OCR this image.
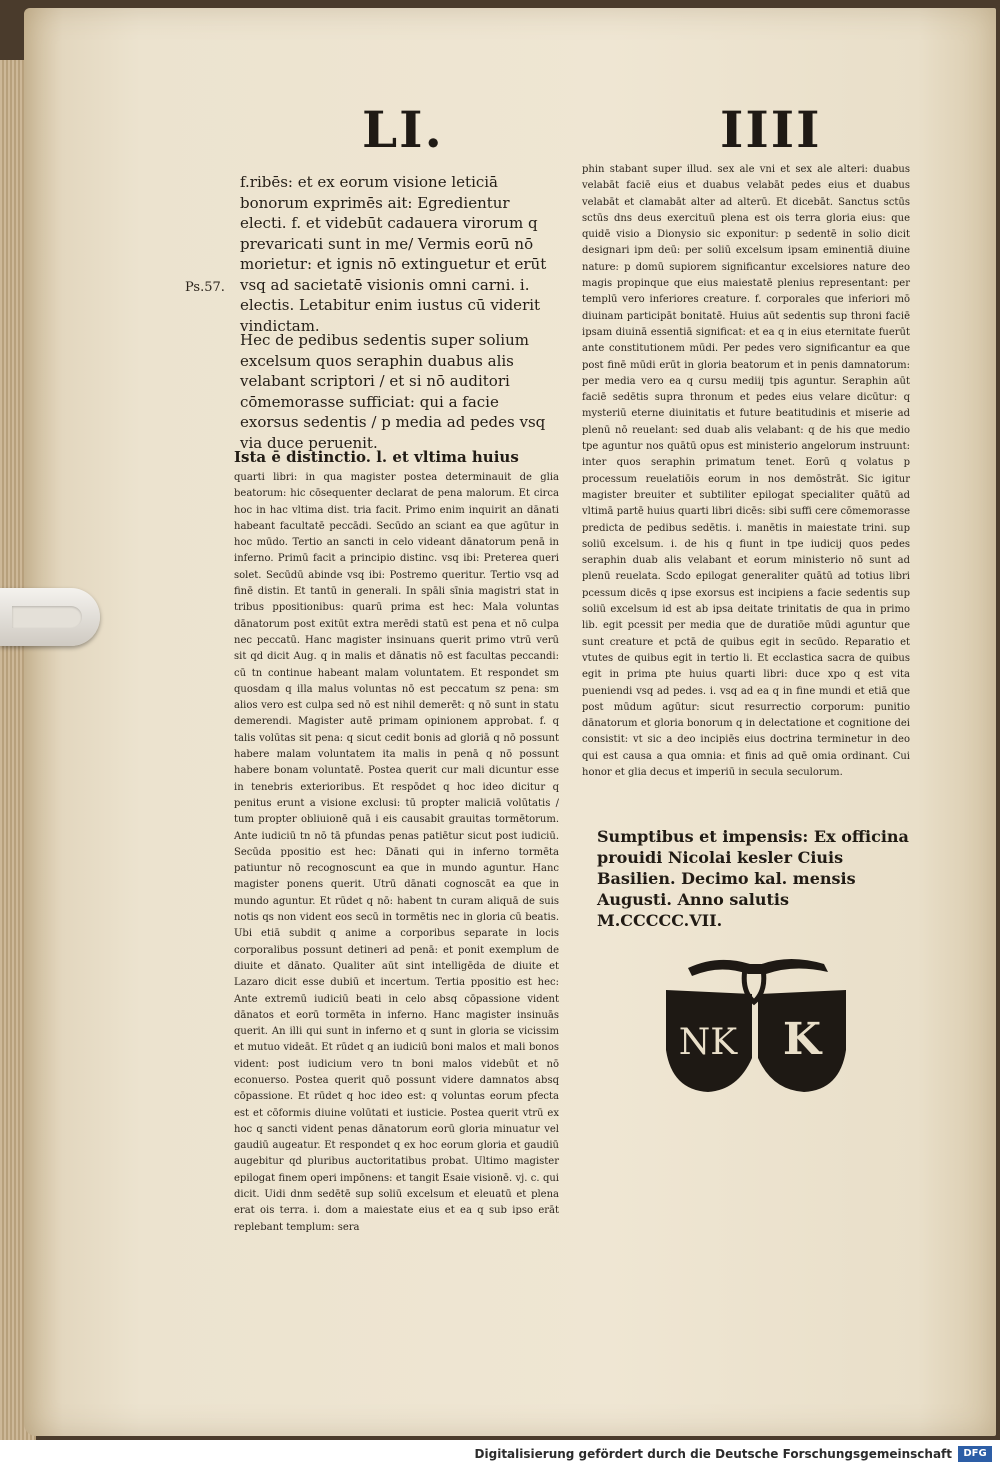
LI.	IIII
Ps.57.
f.ribēs: et ex eorum visione leticiā bonorum exprimēs ait: Egredientur electi. f. et videbūt cadauera virorum q prevaricati sunt in me/ Vermis eorū nō morietur: et ignis nō extinguetur et erūt vsq ad sacietatē visionis omni carni. i. electis. Letabitur enim iustus cū viderit vindictam.
Hec de pedibus sedentis super solium excelsum quos seraphin duabus alis velabant scriptori / et si nō auditori cōmemorasse sufficiat: qui a facie exorsus sedentis / p media ad pedes vsq via duce peruenit.
Ista ē distinctio. l. et vltima huius
quarti libri: in qua magister postea determinauit de glia beatorum: hic cōsequenter declarat de pena malorum. Et circa hoc in hac vltima dist. tria facit. Primo enim inquirit an dānati habeant facultatē peccādi. Secūdo an sciant ea que agūtur in hoc mūdo. Tertio an sancti in celo videant dānatorum penā in inferno. Primū facit a principio distinc. vsq ibi: Preterea queri solet. Secūdū abinde vsq ibi: Postremo queritur. Tertio vsq ad finē distin. Et tantū in generali. In spāli sīnia magistri stat in tribus ppositionibus: quarū prima est hec: Mala voluntas dānatorum post exitūt extra merēdi statū est pena et nō culpa nec peccatū. Hanc magister insinuans querit primo vtrū verū sit qd dicit Aug. q in malis et dānatis nō est facultas peccandi: cū tn continue habeant malam voluntatem. Et respondet sm quosdam q illa malus voluntas nō est peccatum sz pena: sm alios vero est culpa sed nō est nihil demerēt: q nō sunt in statu demerendi. Magister autē primam opinionem approbat. f. q talis volūtas sit pena: q sicut cedit bonis ad gloriā q nō possunt habere malam voluntatem ita malis in penā q nō possunt habere bonam voluntatē. Postea querit cur mali dicuntur esse in tenebris exterioribus. Et respōdet q hoc ideo dicitur q penitus erunt a visione exclusi: tū propter maliciā volūtatis / tum propter obliuionē quā i eis causabit grauitas tormētorum. Ante iudiciū tn nō tā pfundas penas patiētur sicut post iudiciū. Secūda ppositio est hec: Dānati qui in inferno tormēta patiuntur nō recognoscunt ea que in mundo aguntur. Hanc magister ponens querit. Utrū dānati cognoscāt ea que in mundo aguntur. Et rūdet q nō: habent tn curam aliquā de suis notis qs non vident eos secū in tormētis nec in gloria cū beatis. Ubi etiā subdit q anime a corporibus separate in locis corporalibus possunt detineri ad penā: et ponit exemplum de diuite et dānato. Qualiter aūt sint intelligēda de diuite et Lazaro dicit esse dubiū et incertum. Tertia ppositio est hec: Ante extremū iudiciū beati in celo absq cōpassione vident dānatos et eorū tormēta in inferno. Hanc magister insinuās querit. An illi qui sunt in inferno et q sunt in gloria se vicissim et mutuo videāt. Et rūdet q an iudiciū boni malos et mali bonos vident: post iudicium vero tn boni malos videbūt et nō econuerso. Postea querit quō possunt videre damnatos absq cōpassione. Et rūdet q hoc ideo est: q voluntas eorum pfecta est et cōformis diuine volūtati et iusticie. Postea querit vtrū ex hoc q sancti vident penas dānatorum eorū gloria minuatur vel gaudiū augeatur. Et respondet q ex hoc eorum gloria et gaudiū augebitur qd pluribus auctoritatibus probat. Ultimo magister epilogat finem operi impōnens: et tangit Esaie visionē. vj. c. qui dicit. Uidi dnm sedētē sup soliū excelsum et eleuatū et plena erat ois terra. i. dom a maiestate eius et ea q sub ipso erāt replebant templum: sera
phin stabant super illud. sex ale vni et sex ale alteri: duabus velabāt faciē eius et duabus velabāt pedes eius et duabus velabāt et clamabāt alter ad alterū. Et dicebāt. Sanctus sctūs sctūs dns deus exercituū plena est ois terra gloria eius: que quidē visio a Dionysio sic exponitur: p sedentē in solio dicit designari ipm deū: per soliū excelsum ipsam eminentiā diuine nature: p domū supiorem significantur excelsiores nature deo magis propinque que eius maiestatē plenius representant: per templū vero inferiores creature. f. corporales que inferiori mō diuinam participāt bonitatē. Huius aūt sedentis sup throni faciē ipsam diuinā essentiā significat: et ea q in eius eternitate fuerūt ante constitutionem mūdi. Per pedes vero significantur ea que post finē mūdi erūt in gloria beatorum et in penis damnatorum: per media vero ea q cursu mediij tpis aguntur. Seraphin aūt faciē sedētis supra thronum et pedes eius velare dicūtur: q mysteriū eterne diuinitatis et future beatitudinis et miserie ad plenū nō reuelant: sed duab alis velabant: q de his que medio tpe aguntur nos quātū opus est ministerio angelorum instruunt: inter quos seraphin primatum tenet. Eorū q volatus p processum reuelatiōis eorum in nos demōstrāt. Sic igitur magister breuiter et subtiliter epilogat specialiter quātū ad vltimā partē huius quarti libri dicēs: sibi suffi cere cōmemorasse predicta de pedibus sedētis. i. manētis in maiestate trini. sup soliū excelsum. i. de his q fiunt in tpe iudicij quos pedes seraphin duab alis velabant et eorum ministerio nō sunt ad plenū reuelata. Scdo epilogat generaliter quātū ad totius libri pcessum dicēs q ipse exorsus est incipiens a facie sedentis sup soliū excelsum id est ab ipsa deitate trinitatis de qua in primo lib. egit pcessit per media que de duratiōe mūdi aguntur que sunt creature et pctā de quibus egit in secūdo. Reparatio et vtutes de quibus egit in tertio li. Et ecclastica sacra de quibus egit in prima pte huius quarti libri: duce xpo q est vita pueniendi vsq ad pedes. i. vsq ad ea q in fine mundi et etiā que post mūdum agūtur: sicut resurrectio corporum: punitio dānatorum et gloria bonorum q in delectatione et cognitione dei consistit: vt sic a deo incipiēs eius doctrina terminetur in deo qui est causa a qua omnia: et finis ad quē omia ordinant. Cui honor et glia decus et imperiū in secula seculorum.
Sumptibus et impensis: Ex officina prouidi Nicolai kesler Ciuis Basilien. Decimo kal. mensis Augusti. Anno salutis M.CCCCC.VII.
NK K
Digitalisierung gefördert durch die Deutsche Forschungsgemeinschaft	DFG
